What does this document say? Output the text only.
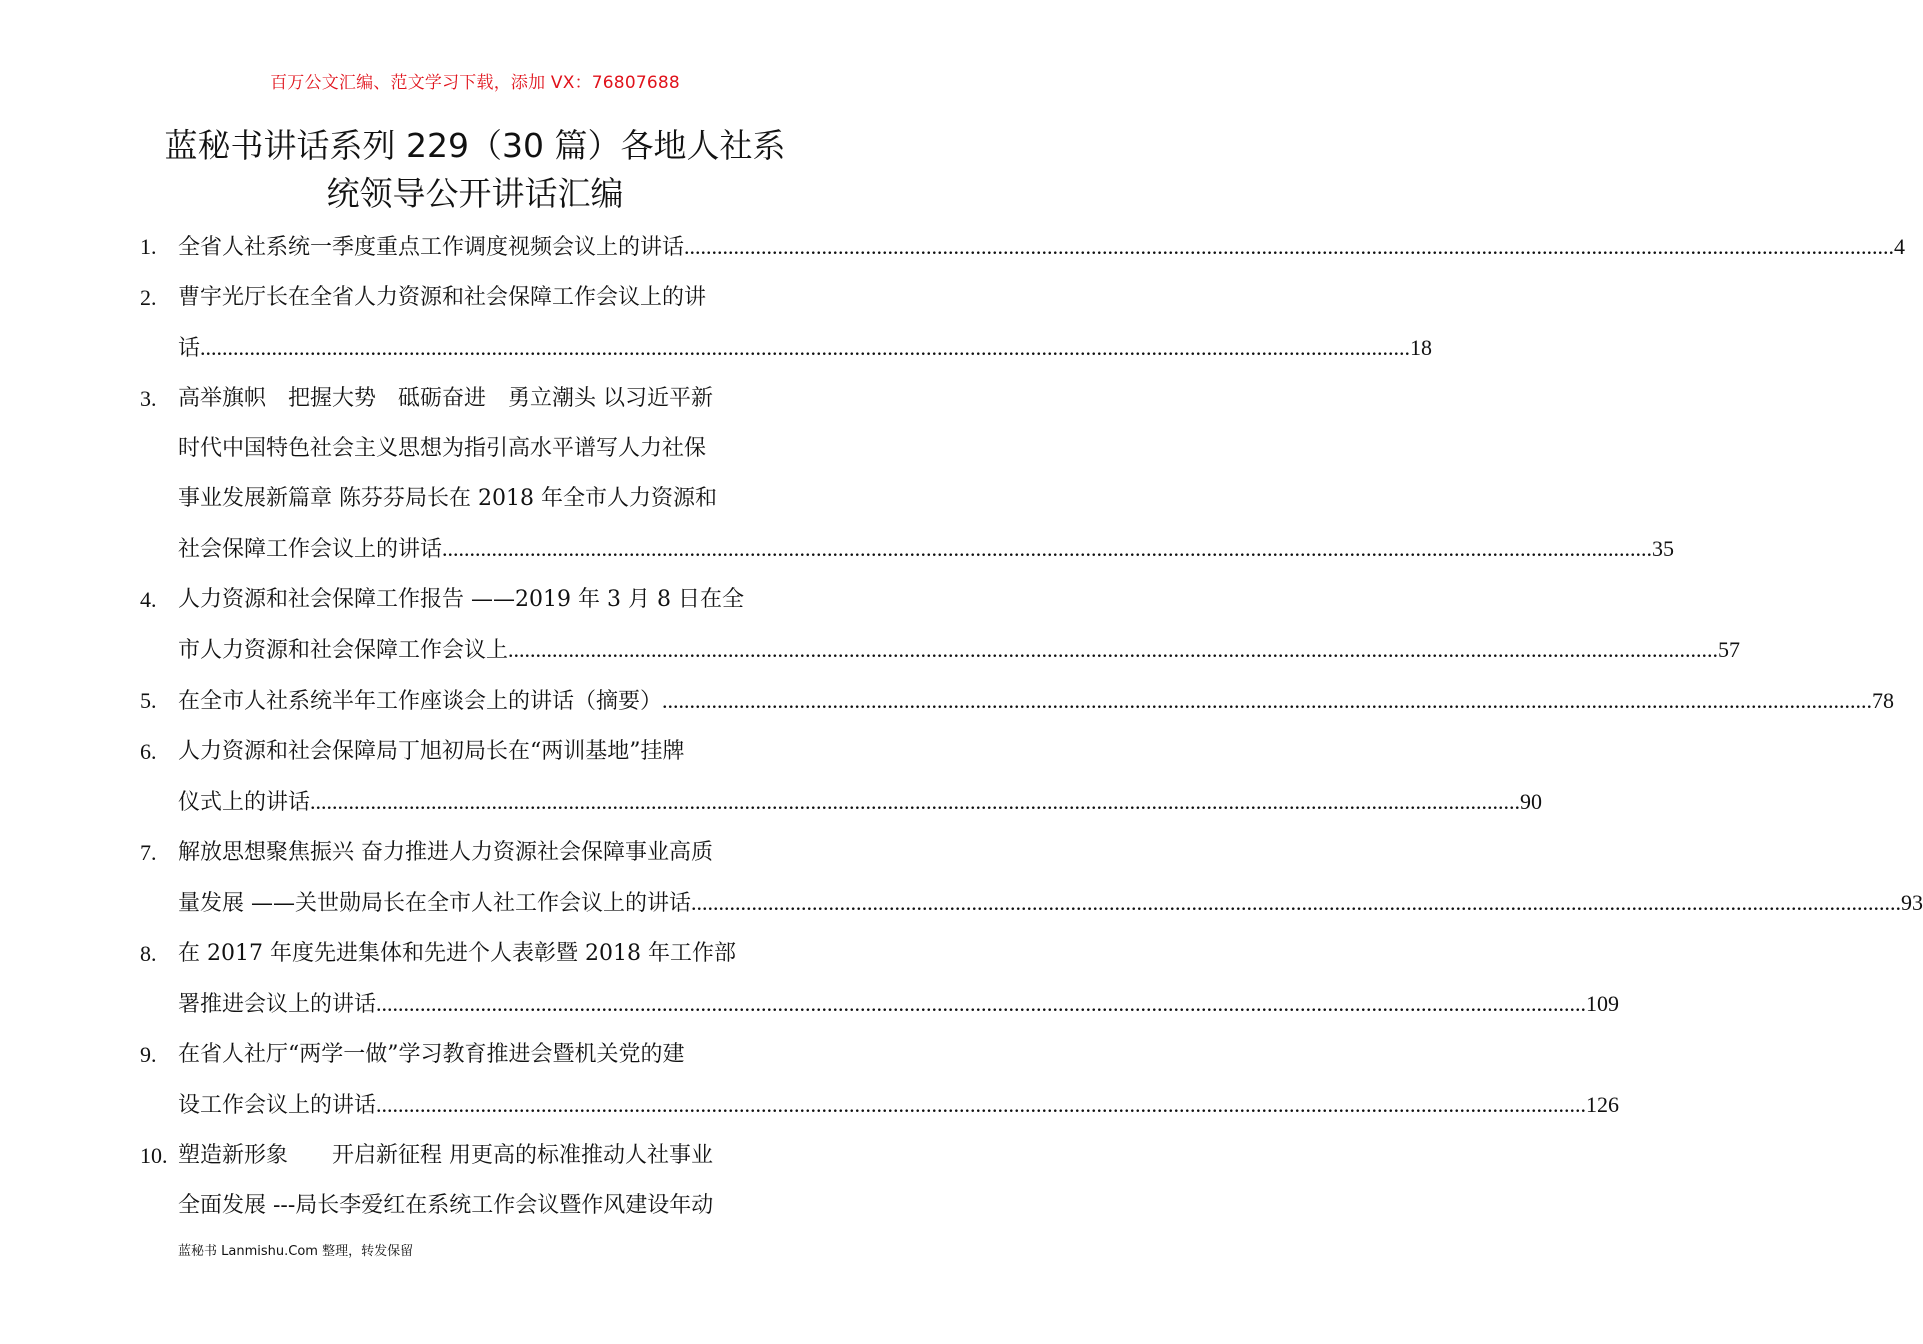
百万公文汇编、范文学习下载，添加 VX：76807688
蓝秘书讲话系列 229（30 篇）各地人社系
统领导公开讲话汇编
1. 全省人社系统一季度重点工作调度视频会议上的讲话 .....	4
2. 曹宇光厅长在全省人力资源和社会保障工作会议上的讲
话 .....	18
3. 高举旗帜　把握大势　砥砺奋进　勇立潮头 以习近平新
时代中国特色社会主义思想为指引高水平谱写人力社保
事业发展新篇章 陈芬芬局长在 2018 年全市人力资源和
社会保障工作会议上的讲话 .....	35
4. 人力资源和社会保障工作报告 ——2019 年 3 月 8 日在全
市人力资源和社会保障工作会议上 .....	57
5. 在全市人社系统半年工作座谈会上的讲话（摘要） .....	78
6. 人力资源和社会保障局丁旭初局长在“两训基地”挂牌
仪式上的讲话 .....	90
7. 解放思想聚焦振兴 奋力推进人力资源社会保障事业高质
量发展 ——关世勋局长在全市人社工作会议上的讲话 .....	93
8. 在 2017 年度先进集体和先进个人表彰暨 2018 年工作部
署推进会议上的讲话 .....	109
9. 在省人社厅“两学一做”学习教育推进会暨机关党的建
设工作会议上的讲话 .....	126
10. 塑造新形象　　开启新征程 用更高的标准推动人社事业
全面发展 ---局长李爱红在系统工作会议暨作风建设年动
蓝秘书 Lanmishu.Com 整理，转发保留
